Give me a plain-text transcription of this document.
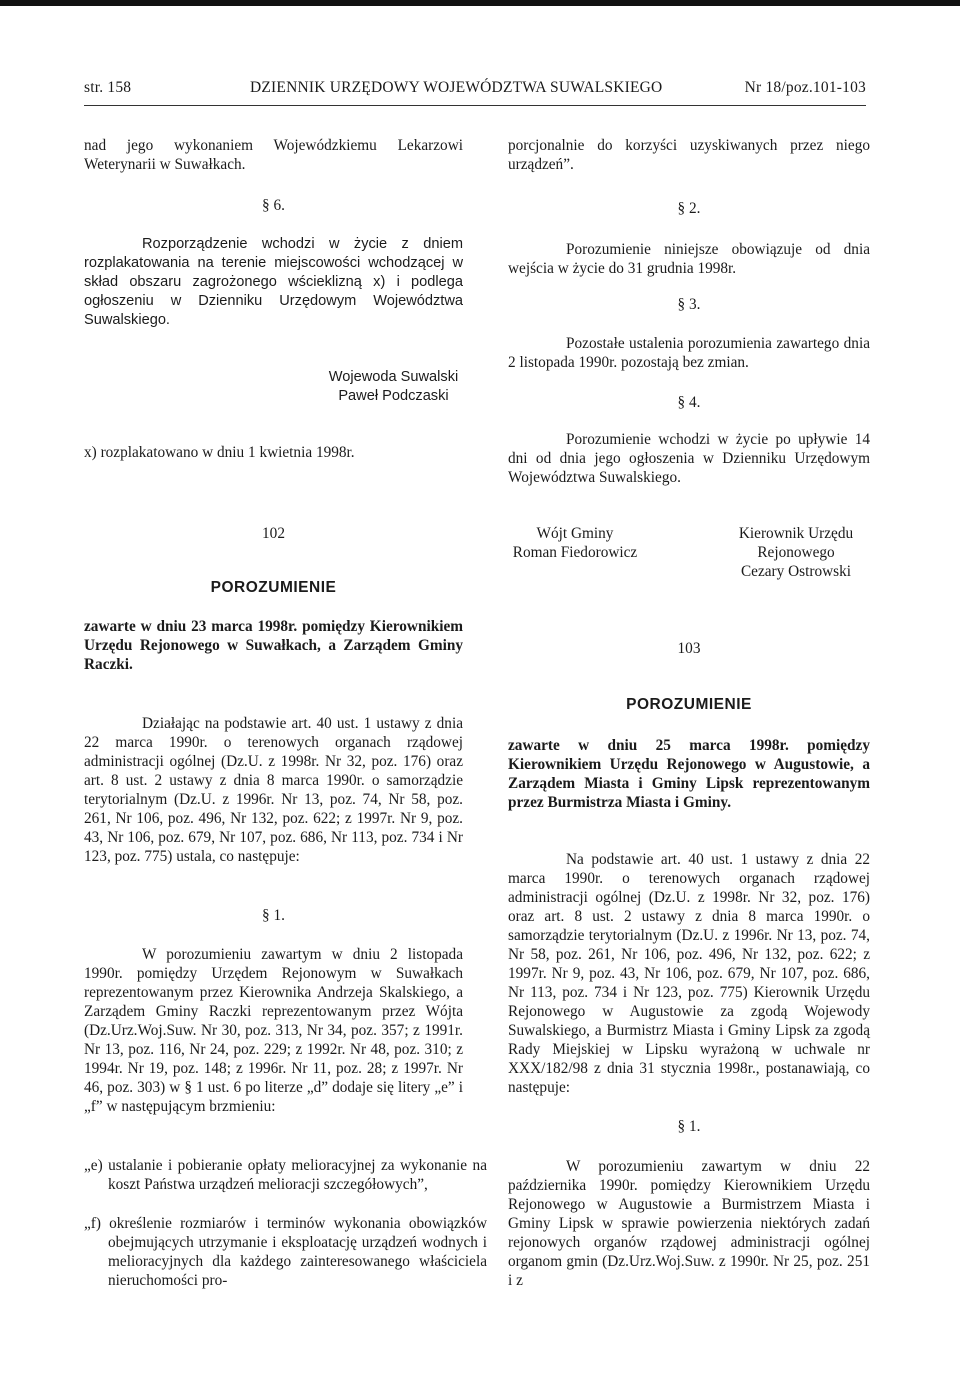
str. 158	DZIENNIK URZĘDOWY WOJEWÓDZTWA SUWALSKIEGO	Nr 18/poz.101-103

nad jego wykonaniem Wojewódzkiemu Lekarzowi Weterynarii w Suwałkach.

§ 6.

Rozporządzenie wchodzi w życie z dniem rozplakatowania na terenie miejscowości wchodzącej w skład obszaru zagrożonego wścieklizną x) i podlega ogłoszeniu w Dzienniku Urzędowym Województwa Suwalskiego.

Wojewoda Suwalski
Paweł Podczaski

x) rozplakatowano w dniu 1 kwietnia 1998r.

102

POROZUMIENIE

zawarte w dniu 23 marca 1998r. pomiędzy Kierownikiem Urzędu Rejonowego w Suwałkach, a Zarządem Gminy Raczki.

Działając na podstawie art. 40 ust. 1 ustawy z dnia 22 marca 1990r. o terenowych organach rządowej administracji ogólnej (Dz.U. z 1998r. Nr 32, poz. 176) oraz art. 8 ust. 2 ustawy z dnia 8 marca 1990r. o samorządzie terytorialnym (Dz.U. z 1996r. Nr 13, poz. 74, Nr 58, poz. 261, Nr 106, poz. 496, Nr 132, poz. 622; z 1997r. Nr 9, poz. 43, Nr 106, poz. 679, Nr 107, poz. 686, Nr 113, poz. 734 i Nr 123, poz. 775) ustala, co następuje:

§ 1.

W porozumieniu zawartym w dniu 2 listopada 1990r. pomiędzy Urzędem Rejonowym w Suwałkach reprezentowanym przez Kierownika Andrzeja Skalskiego, a Zarządem Gminy Raczki reprezentowanym przez Wójta (Dz.Urz.Woj.Suw. Nr 30, poz. 313, Nr 34, poz. 357; z 1991r. Nr 13, poz. 116, Nr 24, poz. 229; z 1992r. Nr 48, poz. 310; z 1994r. Nr 19, poz. 148; z 1996r. Nr 11, poz. 28; z 1997r. Nr 46, poz. 303) w § 1 ust. 6 po literze „d” dodaje się litery „e” i „f” w następującym brzmieniu:

„e) ustalanie i pobieranie opłaty melioracyjnej za wykonanie na koszt Państwa urządzeń melioracji szczegółowych”,

„f) określenie rozmiarów i terminów wykonania obowiązków obejmujących utrzymanie i eksploatację urządzeń wodnych i melioracyjnych dla każdego zainteresowanego właściciela nieruchomości pro-

porcjonalnie do korzyści uzyskiwanych przez niego urządzeń”.

§ 2.

Porozumienie niniejsze obowiązuje od dnia wejścia w życie do 31 grudnia 1998r.

§ 3.

Pozostałe ustalenia porozumienia zawartego dnia 2 listopada 1990r. pozostają bez zmian.

§ 4.

Porozumienie wchodzi w życie po upływie 14 dni od dnia jego ogłoszenia w Dzienniku Urzędowym Województwa Suwalskiego.

Wójt Gminy
Roman Fiedorowicz
Kierownik Urzędu
Rejonowego
Cezary Ostrowski

103

POROZUMIENIE

zawarte w dniu 25 marca 1998r. pomiędzy Kierownikiem Urzędu Rejonowego w Augustowie, a Zarządem Miasta i Gminy Lipsk reprezentowanym przez Burmistrza Miasta i Gminy.

Na podstawie art. 40 ust. 1 ustawy z dnia 22 marca 1990r. o terenowych organach rządowej administracji ogólnej (Dz.U. z 1998r. Nr 32, poz. 176) oraz art. 8 ust. 2 ustawy z dnia 8 marca 1990r. o samorządzie terytorialnym (Dz.U. z 1996r. Nr 13, poz. 74, Nr 58, poz. 261, Nr 106, poz. 496, Nr 132, poz. 622; z 1997r. Nr 9, poz. 43, Nr 106, poz. 679, Nr 107, poz. 686, Nr 113, poz. 734 i Nr 123, poz. 775) Kierownik Urzędu Rejonowego w Augustowie za zgodą Wojewody Suwalskiego, a Burmistrz Miasta i Gminy Lipsk za zgodą Rady Miejskiej w Lipsku wyrażoną w uchwale nr XXX/182/98 z dnia 31 stycznia 1998r., postanawiają, co następuje:

§ 1.

W porozumieniu zawartym w dniu 22 października 1990r. pomiędzy Kierownikiem Urzędu Rejonowego w Augustowie a Burmistrzem Miasta i Gminy Lipsk w sprawie powierzenia niektórych zadań rejonowych organów rządowej administracji ogólnej organom gmin (Dz.Urz.Woj.Suw. z 1990r. Nr 25, poz. 251 i z
